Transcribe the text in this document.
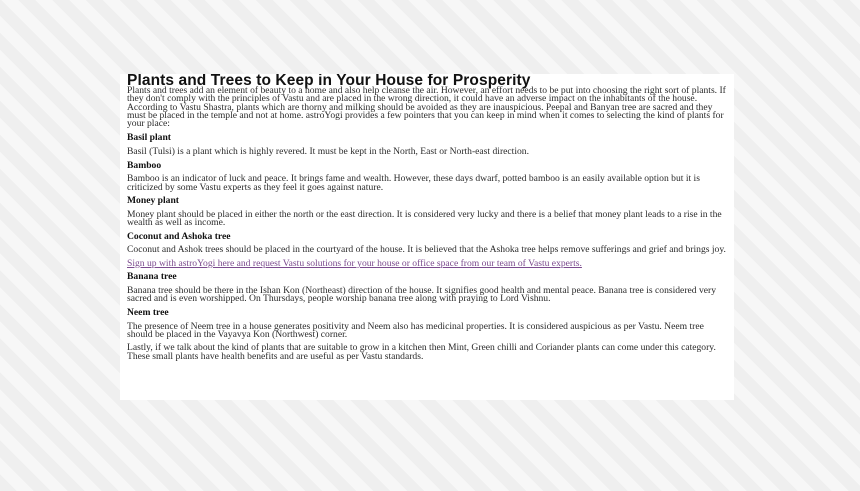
Plants and Trees to Keep in Your House for Prosperity

Plants and trees add an element of beauty to a home and also help cleanse the air. However, an effort needs to be put into choosing the right sort of plants. If they don't comply with the principles of Vastu and are placed in the wrong direction, it could have an adverse impact on the inhabitants of the house. According to Vastu Shastra, plants which are thorny and milking should be avoided as they are inauspicious. Peepal and Banyan tree are sacred and they must be placed in the temple and not at home. astroYogi provides a few pointers that you can keep in mind when it comes to selecting the kind of plants for your place:

Basil plant

Basil (Tulsi) is a plant which is highly revered. It must be kept in the North, East or North-east direction.

Bamboo

Bamboo is an indicator of luck and peace. It brings fame and wealth. However, these days dwarf, potted bamboo is an easily available option but it is criticized by some Vastu experts as they feel it goes against nature.

Money plant

Money plant should be placed in either the north or the east direction. It is considered very lucky and there is a belief that money plant leads to a rise in the wealth as well as income.

Coconut and Ashoka tree

Coconut and Ashok trees should be placed in the courtyard of the house. It is believed that the Ashoka tree helps remove sufferings and grief and brings joy.

Sign up with astroYogi here and request Vastu solutions for your house or office space from our team of Vastu experts.

Banana tree

Banana tree should be there in the Ishan Kon (Northeast) direction of the house. It signifies good health and mental peace. Banana tree is considered very sacred and is even worshipped. On Thursdays, people worship banana tree along with praying to Lord Vishnu.

Neem tree

The presence of Neem tree in a house generates positivity and Neem also has medicinal properties. It is considered auspicious as per Vastu. Neem tree should be placed in the Vayavya Kon (Northwest) corner.

Lastly, if we talk about the kind of plants that are suitable to grow in a kitchen then Mint, Green chilli and Coriander plants can come under this category. These small plants have health benefits and are useful as per Vastu standards.
